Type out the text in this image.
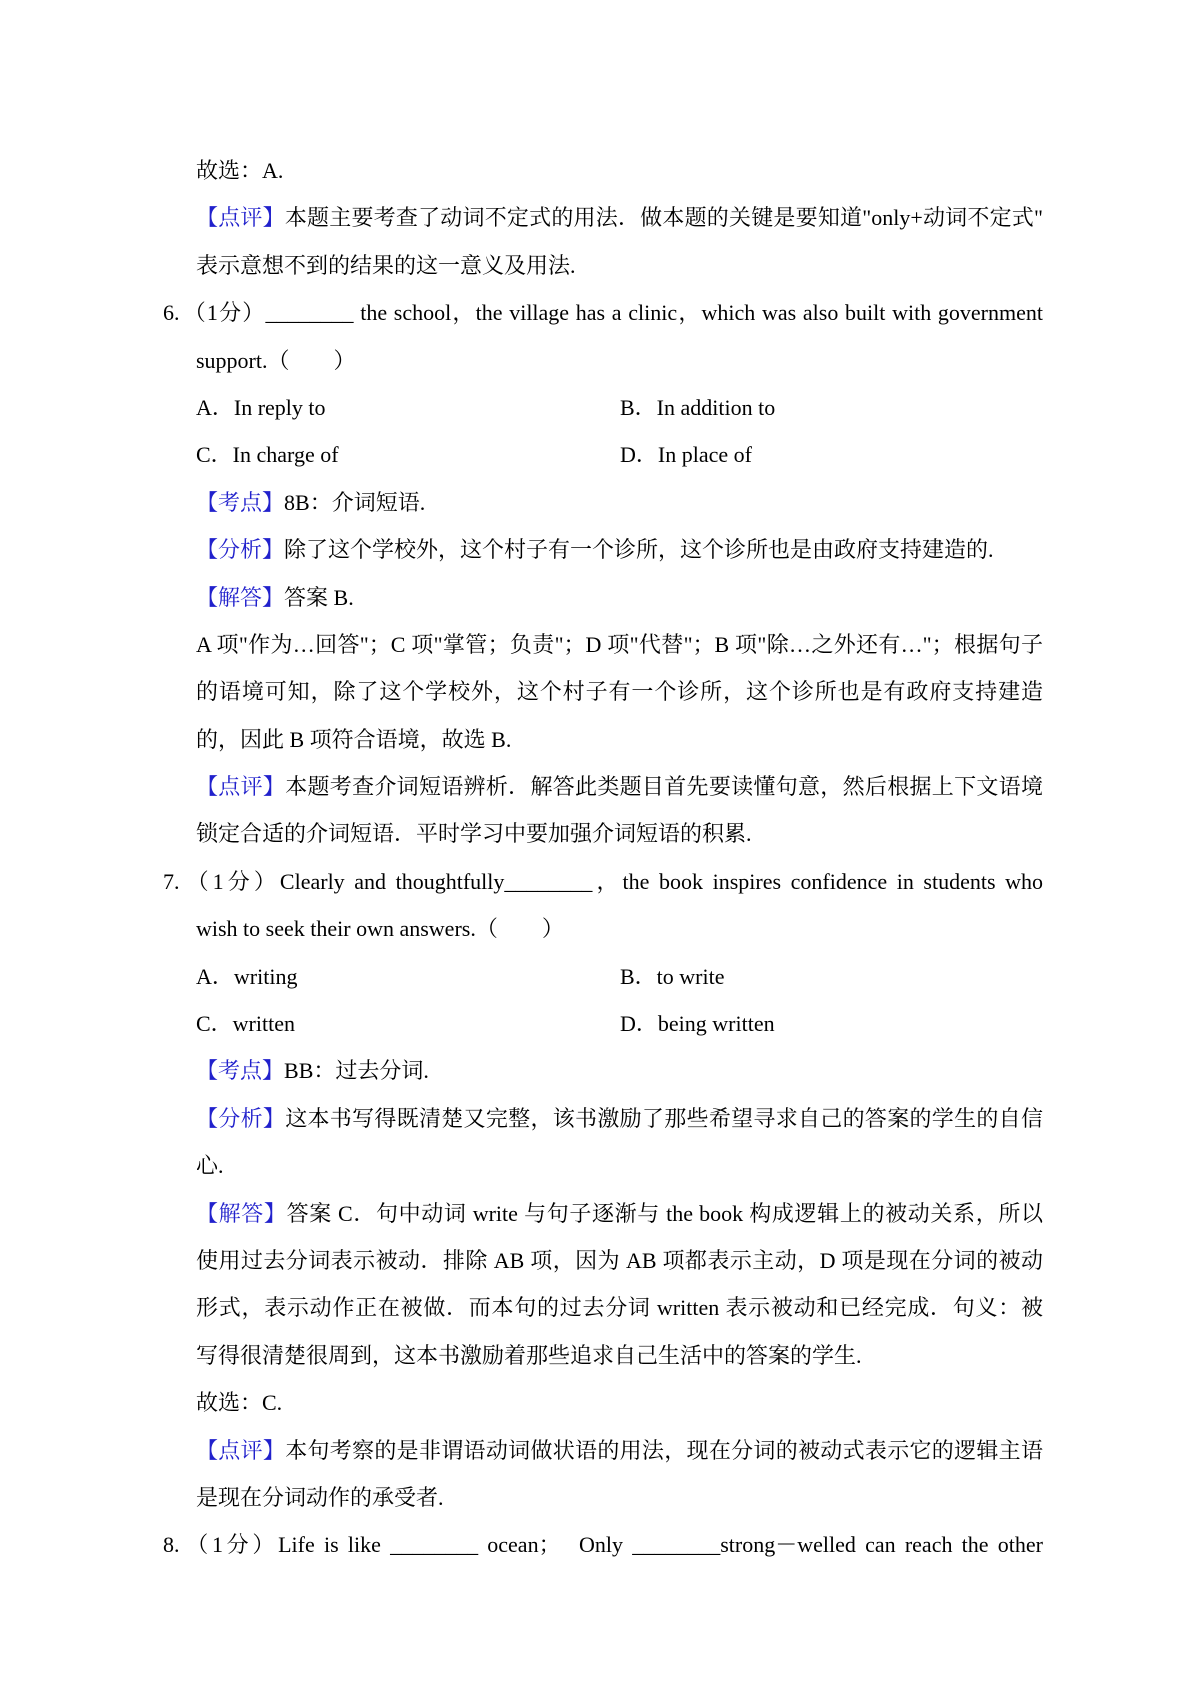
故选：A.
【点评】本题主要考查了动词不定式的用法．做本题的关键是要知道"only+动词不定式"
表示意想不到的结果的这一意义及用法.
6. （1分）________ the school，the village has a clinic，which was also built with government
support.（　　）
A．In reply to	B．In addition to
C．In charge of	D．In place of
【考点】8B：介词短语.
【分析】除了这个学校外，这个村子有一个诊所，这个诊所也是由政府支持建造的.
【解答】答案 B.
A 项"作为…回答"；C 项"掌管；负责"；D 项"代替"；B 项"除…之外还有…"；根据句子
的语境可知，除了这个学校外，这个村子有一个诊所，这个诊所也是有政府支持建造
的，因此 B 项符合语境，故选 B.
【点评】本题考查介词短语辨析．解答此类题目首先要读懂句意，然后根据上下文语境
锁定合适的介词短语．平时学习中要加强介词短语的积累.
7. （1分）Clearly and thoughtfully________，the book inspires confidence in students who
wish to seek their own answers.（　　）
A．writing	B．to write
C．written	D．being written
【考点】BB：过去分词.
【分析】这本书写得既清楚又完整，该书激励了那些希望寻求自己的答案的学生的自信
心.
【解答】答案 C．句中动词 write 与句子逐渐与 the book 构成逻辑上的被动关系，所以
使用过去分词表示被动．排除 AB 项，因为 AB 项都表示主动，D 项是现在分词的被动
形式，表示动作正在被做．而本句的过去分词 written 表示被动和已经完成．句义：被
写得很清楚很周到，这本书激励着那些追求自己生活中的答案的学生.
故选：C.
【点评】本句考察的是非谓语动词做状语的用法，现在分词的被动式表示它的逻辑主语
是现在分词动作的承受者.
8. （1分）Life is like ________ ocean；　Only ________strong－welled can reach the other
